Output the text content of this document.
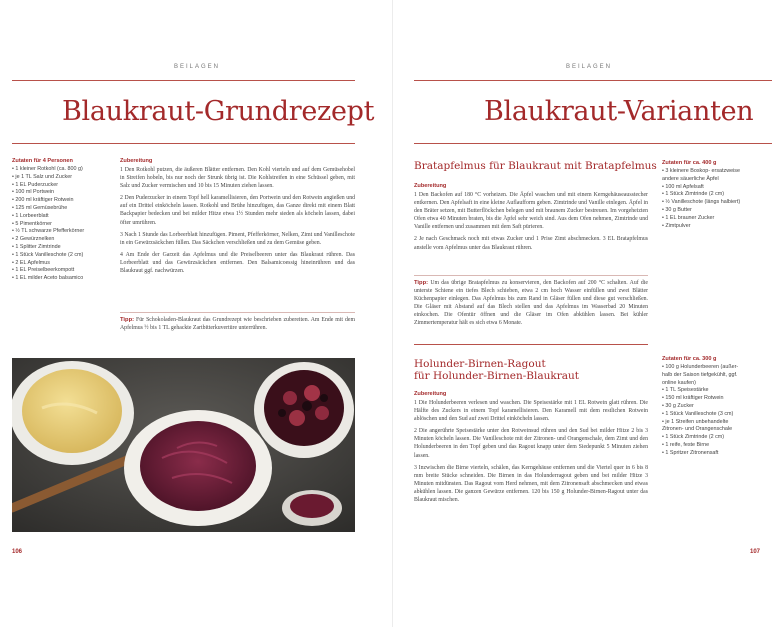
BEILAGEN
Blaukraut-Grundrezept
Zutaten für 4 Personen
• 1 kleiner Rotkohl (ca. 800 g)
• je 1 TL Salz und Zucker
• 1 EL Puderzucker
• 100 ml Portwein
• 200 ml kräftiger Rotwein
• 125 ml Gemüsebrühe
• 1 Lorbeerblatt
• 5 Pimentkörner
• ½ TL schwarze Pfefferkörner
• 2 Gewürznelken
• 1 Splitter Zimtrinde
• 1 Stück Vanilleschote (2 cm)
• 2 EL Apfelmus
• 1 EL Preiselbeerkompott
• 1 EL milder Aceto balsamico
Zubereitung

1 Den Rotkohl putzen, die äußeren Blätter entfernen. Den Kohl vierteln und auf dem Gemüsehobel in Streifen hobeln, bis nur noch der Strunk übrig ist. Die Kohlstreifen in eine Schüssel geben, mit Salz und Zucker vermischen und 10 bis 15 Minuten ziehen lassen.

2 Den Puderzucker in einem Topf hell karamellisieren, den Portwein und den Rotwein angießen und auf ein Drittel einköcheln lassen. Rotkohl und Brühe hinzufügen, das Ganze direkt mit einem Blatt Backpapier bedecken und bei milder Hitze etwa 1½ Stunden mehr sieden als köcheln lassen, dabei öfter umrühren.

3 Nach 1 Stunde das Lorbeerblatt hinzufügen. Piment, Pfefferkörner, Nelken, Zimt und Vanilleschote in ein Gewürzsäckchen füllen. Das Säckchen verschließen und zu dem Gemüse geben.

4 Am Ende der Garzeit das Apfelmus und die Preiselbeeren unter das Blaukraut rühren. Das Lorbeerblatt und das Gewürzsäckchen entfernen. Den Balsamicoessig hineinrühren und das Blaukraut ggf. nachwürzen.

Tipp: Für Schokoladen-Blaukraut das Grundrezept wie beschrieben zubereiten. Am Ende mit dem Apfelmus ½ bis 1 TL gehackte Zartbitterkuvertüre unterrühren.

106
BEILAGEN
Blaukraut-Varianten
Bratapfelmus für Blaukraut mit Bratapfelmus
Zubereitung

1 Den Backofen auf 180 °C vorheizen. Die Äpfel waschen und mit einem Kerngehäuseausstecher entkernen. Den Apfelsaft in eine kleine Auflaufform geben. Zimtrinde und Vanille einlegen. Äpfel in den Bräter setzen, mit Butterflöckchen belegen und mit braunem Zucker bestreuen. Im vorgeheizten Ofen etwa 40 Minuten braten, bis die Äpfel sehr weich sind. Aus dem Ofen nehmen, Zimtrinde und Vanille entfernen und zusammen mit dem Saft pürieren.

2 Je nach Geschmack noch mit etwas Zucker und 1 Prise Zimt abschmecken. 3 EL Bratapfelmus anstelle vom Apfelmus unter das Blaukraut rühren.

Tipp: Um das übrige Bratapfelmus zu konservieren, den Backofen auf 200 °C schalten. Auf die unterste Schiene ein tiefes Blech schieben, etwa 2 cm hoch Wasser einfüllen und zwei Blätter Küchenpapier einlegen. Das Apfelmus bis zum Rand in Gläser füllen und diese gut verschließen. Die Gläser mit Abstand auf das Blech stellen und das Apfelmus im Wasserbad 20 Minuten einkochen. Die Ofentür öffnen und die Gläser im Ofen abkühlen lassen. Bei kühler Zimmertemperatur hält es sich etwa 6 Monate.

Zutaten für ca. 400 g
• 3 kleinere Boskop- ersatzweise
andere säuerliche Äpfel
• 100 ml Apfelsaft
• 1 Stück Zimtrinde (2 cm)
• ½ Vanilleschote (längs halbiert)
• 30 g Butter
• 1 EL brauner Zucker
• Zimtpulver
Holunder-Birnen-Ragout
für Holunder-Birnen-Blaukraut
Zubereitung

1 Die Holunderbeeren verlesen und waschen. Die Speisestärke mit 1 EL Rotwein glatt rühren. Die Hälfte des Zuckers in einem Topf karamellisieren. Den Karamell mit dem restlichen Rotwein ablöschen und den Sud auf zwei Drittel einköcheln lassen.

2 Die angerührte Speisestärke unter den Rotweinsud rühren und den Sud bei milder Hitze 2 bis 3 Minuten köcheln lassen. Die Vanilleschote mit der Zitronen- und Orangenschale, dem Zimt und den Holunderbeeren in den Topf geben und das Ragout knapp unter dem Siedepunkt 5 Minuten ziehen lassen.

3 Inzwischen die Birne vierteln, schälen, das Kerngehäuse entfernen und die Viertel quer in 6 bis 8 mm breite Stücke schneiden. Die Birnen in das Holunderragout geben und bei milder Hitze 3 Minuten mitdünsten. Das Ragout vom Herd nehmen, mit dem Zitronensaft abschmecken und etwas abkühlen lassen. Die ganzen Gewürze entfernen. 120 bis 150 g Holunder-Birnen-Ragout unter das Blaukraut mischen.

Zutaten für ca. 300 g
• 100 g Holunderbeeren (außer-
halb der Saison tiefgekühlt, ggf.
online kaufen)
• 1 TL Speisestärke
• 150 ml kräftiger Rotwein
• 30 g Zucker
• 1 Stück Vanilleschote (3 cm)
• je 1 Streifen unbehandelte
Zitronen- und Orangenschale
• 1 Stück Zimtrinde (2 cm)
• 1 reife, feste Birne
• 1 Spritzer Zitronensaft
107
